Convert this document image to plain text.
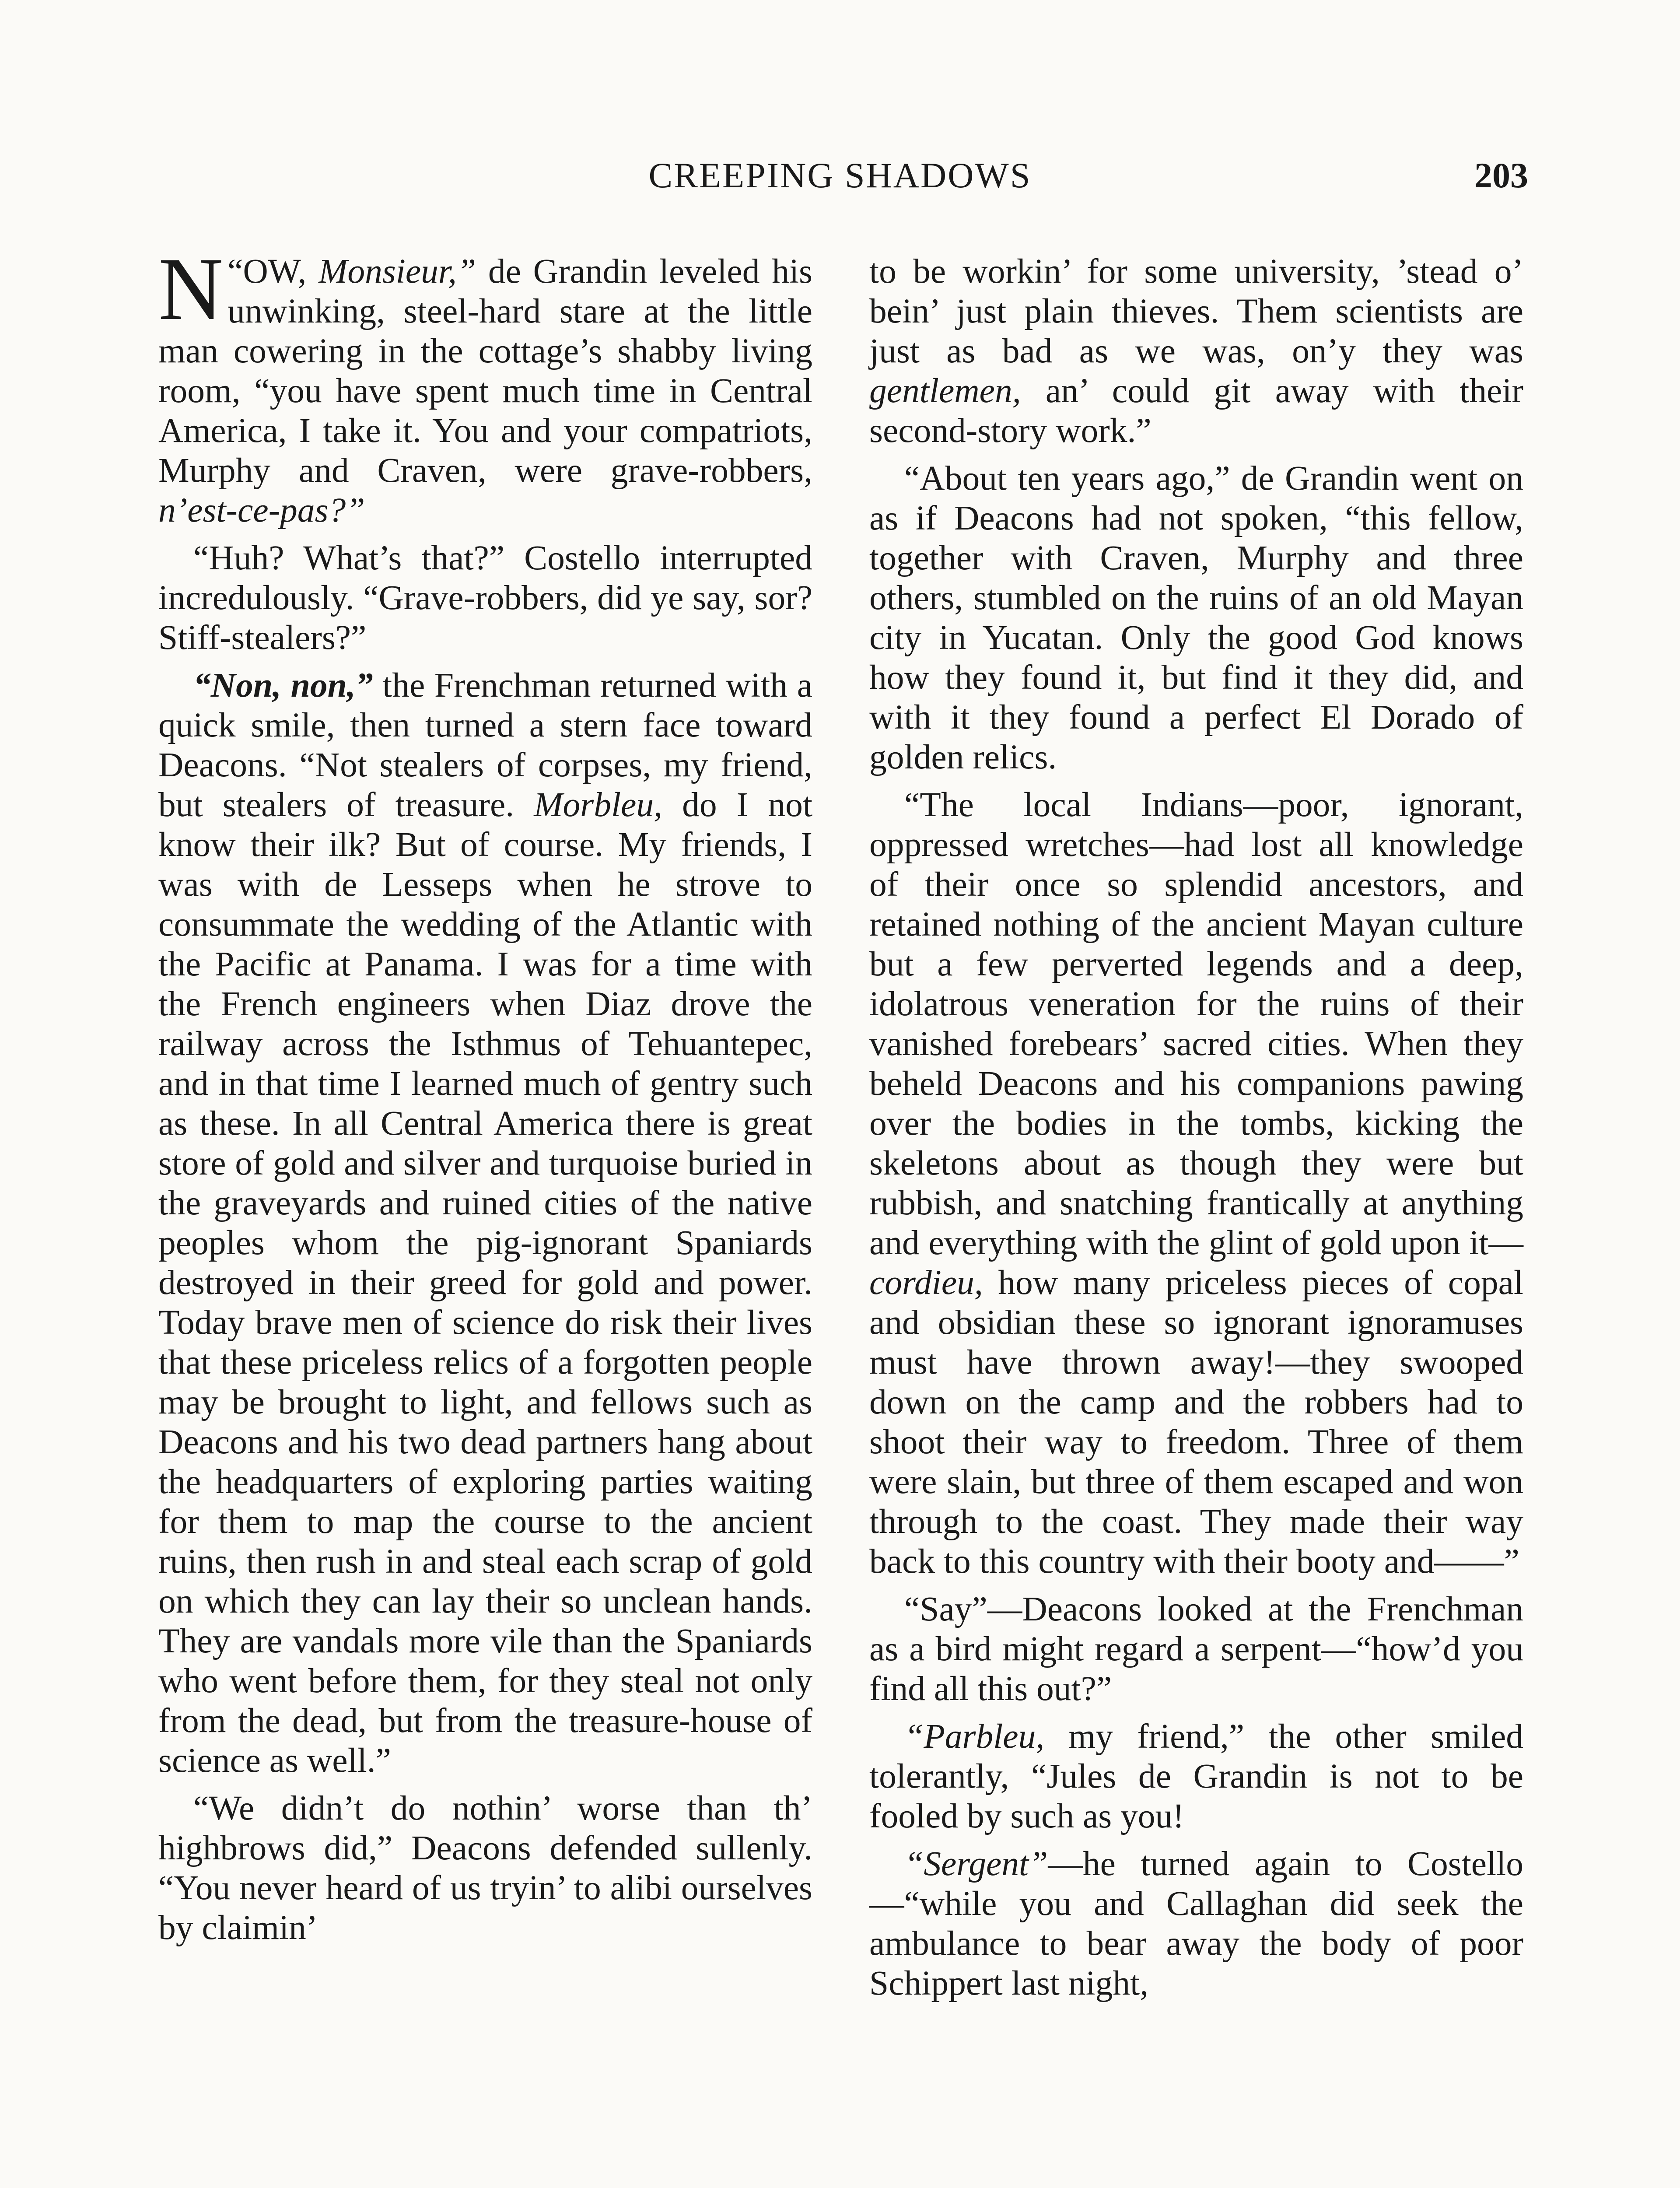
CREEPING SHADOWS	203

“
N OW, Monsieur,” de Grandin leveled his unwinking, steel-hard stare at the little man cowering in the cottage’s shabby living room, “you have spent much time in Central America, I take it. You and your compatriots, Murphy and Craven, were grave-robbers, n’est-ce-pas?”

“Huh? What’s that?” Costello interrupted incredulously. “Grave-robbers, did ye say, sor? Stiff-stealers?”

“Non, non,” the Frenchman returned with a quick smile, then turned a stern face toward Deacons. “Not stealers of corpses, my friend, but stealers of treasure. Morbleu, do I not know their ilk? But of course. My friends, I was with de Lesseps when he strove to consummate the wedding of the Atlantic with the Pacific at Panama. I was for a time with the French engineers when Diaz drove the railway across the Isthmus of Tehuantepec, and in that time I learned much of gentry such as these. In all Central America there is great store of gold and silver and turquoise buried in the graveyards and ruined cities of the native peoples whom the pig-ignorant Spaniards destroyed in their greed for gold and power. Today brave men of science do risk their lives that these priceless relics of a forgotten people may be brought to light, and fellows such as Deacons and his two dead partners hang about the headquarters of exploring parties waiting for them to map the course to the ancient ruins, then rush in and steal each scrap of gold on which they can lay their so unclean hands. They are vandals more vile than the Spaniards who went before them, for they steal not only from the dead, but from the treasure-house of science as well.”

“We didn’t do nothin’ worse than th’ highbrows did,” Deacons defended sullenly. “You never heard of us tryin’ to alibi ourselves by claimin’

to be workin’ for some university, ’stead o’ bein’ just plain thieves. Them scientists are just as bad as we was, on’y they was gentlemen, an’ could git away with their second-story work.”

“About ten years ago,” de Grandin went on as if Deacons had not spoken, “this fellow, together with Craven, Murphy and three others, stumbled on the ruins of an old Mayan city in Yucatan. Only the good God knows how they found it, but find it they did, and with it they found a perfect El Dorado of golden relics.

“The local Indians—poor, ignorant, oppressed wretches—had lost all knowledge of their once so splendid ancestors, and retained nothing of the ancient Mayan culture but a few perverted legends and a deep, idolatrous veneration for the ruins of their vanished forebears’ sacred cities. When they beheld Deacons and his companions pawing over the bodies in the tombs, kicking the skeletons about as though they were but rubbish, and snatching frantically at anything and everything with the glint of gold upon it—cordieu, how many priceless pieces of copal and obsidian these so ignorant ignoramuses must have thrown away!—they swooped down on the camp and the robbers had to shoot their way to freedom. Three of them were slain, but three of them escaped and won through to the coast. They made their way back to this country with their booty and——”

“Say”—Deacons looked at the Frenchman as a bird might regard a serpent—“how’d you find all this out?”

“Parbleu, my friend,” the other smiled tolerantly, “Jules de Grandin is not to be fooled by such as you!

“Sergent”—he turned again to Costello—“while you and Callaghan did seek the ambulance to bear away the body of poor Schippert last night,
